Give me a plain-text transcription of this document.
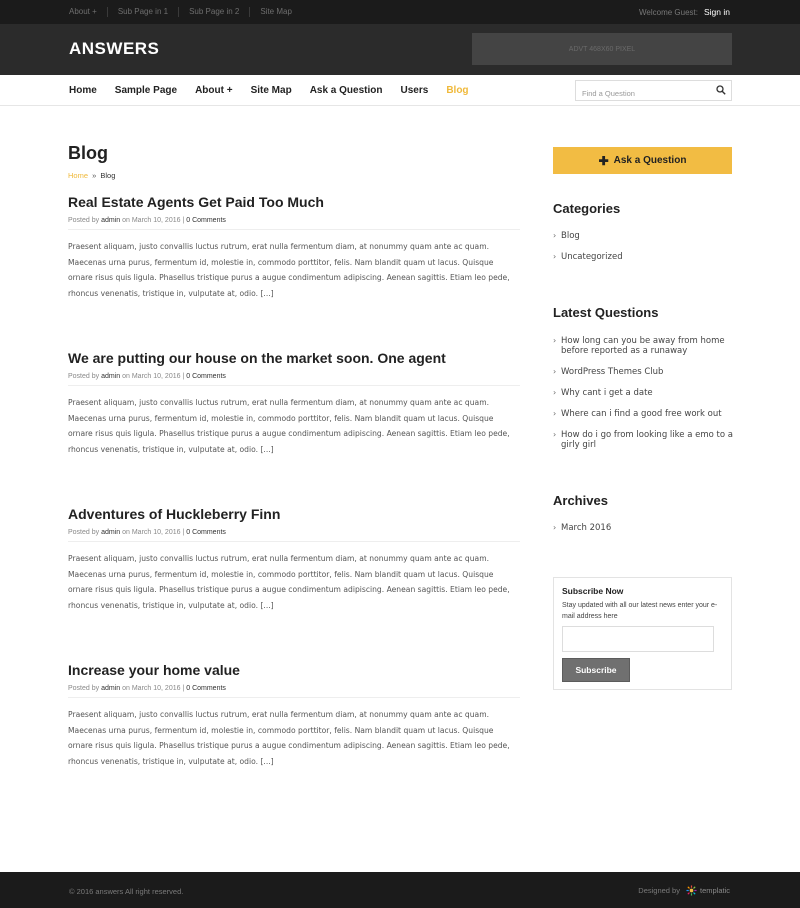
About +	Sub Page in 1	Sub Page in 2	Site Map	Welcome Guest: Sign in
ANSWERS	ADVT 468X60 PIXEL
Home Sample Page About + Site Map Ask a Question Users Blog
Find a Question
Blog
Home » Blog
Real Estate Agents Get Paid Too Much
Posted by admin on March 10, 2016 | 0 Comments

Praesent aliquam, justo convallis luctus rutrum, erat nulla fermentum diam, at nonummy quam ante ac quam. Maecenas urna purus, fermentum id, molestie in, commodo porttitor, felis. Nam blandit quam ut lacus. Quisque ornare risus quis ligula. Phasellus tristique purus a augue condimentum adipiscing. Aenean sagittis. Etiam leo pede, rhoncus venenatis, tristique in, vulputate at, odio. [...]

We are putting our house on the market soon. One agent
Posted by admin on March 10, 2016 | 0 Comments

Praesent aliquam, justo convallis luctus rutrum, erat nulla fermentum diam, at nonummy quam ante ac quam. Maecenas urna purus, fermentum id, molestie in, commodo porttitor, felis. Nam blandit quam ut lacus. Quisque ornare risus quis ligula. Phasellus tristique purus a augue condimentum adipiscing. Aenean sagittis. Etiam leo pede, rhoncus venenatis, tristique in, vulputate at, odio. [...]

Adventures of Huckleberry Finn
Posted by admin on March 10, 2016 | 0 Comments

Praesent aliquam, justo convallis luctus rutrum, erat nulla fermentum diam, at nonummy quam ante ac quam. Maecenas urna purus, fermentum id, molestie in, commodo porttitor, felis. Nam blandit quam ut lacus. Quisque ornare risus quis ligula. Phasellus tristique purus a augue condimentum adipiscing. Aenean sagittis. Etiam leo pede, rhoncus venenatis, tristique in, vulputate at, odio. [...]

Increase your home value
Posted by admin on March 10, 2016 | 0 Comments

Praesent aliquam, justo convallis luctus rutrum, erat nulla fermentum diam, at nonummy quam ante ac quam. Maecenas urna purus, fermentum id, molestie in, commodo porttitor, felis. Nam blandit quam ut lacus. Quisque ornare risus quis ligula. Phasellus tristique purus a augue condimentum adipiscing. Aenean sagittis. Etiam leo pede, rhoncus venenatis, tristique in, vulputate at, odio. [...]

✚ Ask a Question
Categories
› Blog
› Uncategorized
Latest Questions
› How long can you be away from home before reported as a runaway
› WordPress Themes Club
› Why cant i get a date
› Where can i find a good free work out
› How do i go from looking like a emo to a girly girl
Archives
› March 2016
Subscribe Now
Stay updated with all our latest news enter your e-mail address here
Subscribe
© 2016 answers All right reserved.	Designed by	templatic
